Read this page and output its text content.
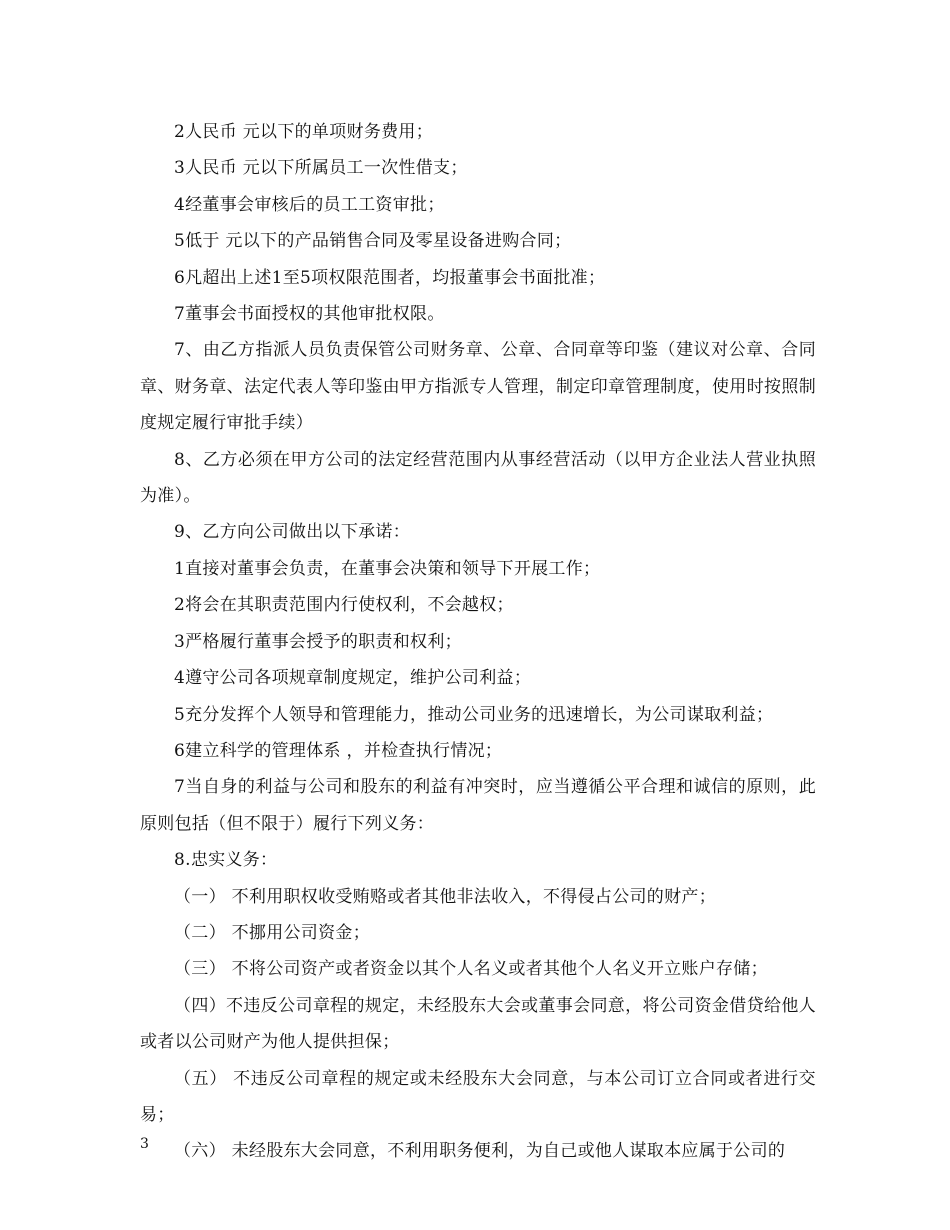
2人民币 元以下的单项财务费用；

3人民币 元以下所属员工一次性借支；

4经董事会审核后的员工工资审批；

5低于 元以下的产品销售合同及零星设备进购合同；

6凡超出上述1至5项权限范围者，均报董事会书面批准；

7董事会书面授权的其他审批权限。

7、由乙方指派人员负责保管公司财务章、公章、合同章等印鉴（建议对公章、合同章、财务章、法定代表人等印鉴由甲方指派专人管理，制定印章管理制度，使用时按照制度规定履行审批手续）

8、乙方必须在甲方公司的法定经营范围内从事经营活动（以甲方企业法人营业执照为准）。

9、乙方向公司做出以下承诺：

1直接对董事会负责，在董事会决策和领导下开展工作；

2将会在其职责范围内行使权利，不会越权；

3严格履行董事会授予的职责和权利；

4遵守公司各项规章制度规定，维护公司利益；

5充分发挥个人领导和管理能力，推动公司业务的迅速增长，为公司谋取利益；

6建立科学的管理体系 ，并检查执行情况；

7当自身的利益与公司和股东的利益有冲突时，应当遵循公平合理和诚信的原则，此原则包括（但不限于）履行下列义务：

8.忠实义务：

（一） 不利用职权收受贿赂或者其他非法收入，不得侵占公司的财产；

（二） 不挪用公司资金；

（三） 不将公司资产或者资金以其个人名义或者其他个人名义开立账户存储；

（四）不违反公司章程的规定，未经股东大会或董事会同意，将公司资金借贷给他人或者以公司财产为他人提供担保；

（五） 不违反公司章程的规定或未经股东大会同意，与本公司订立合同或者进行交易；

（六） 未经股东大会同意，不利用职务便利，为自己或他人谋取本应属于公司的

3
